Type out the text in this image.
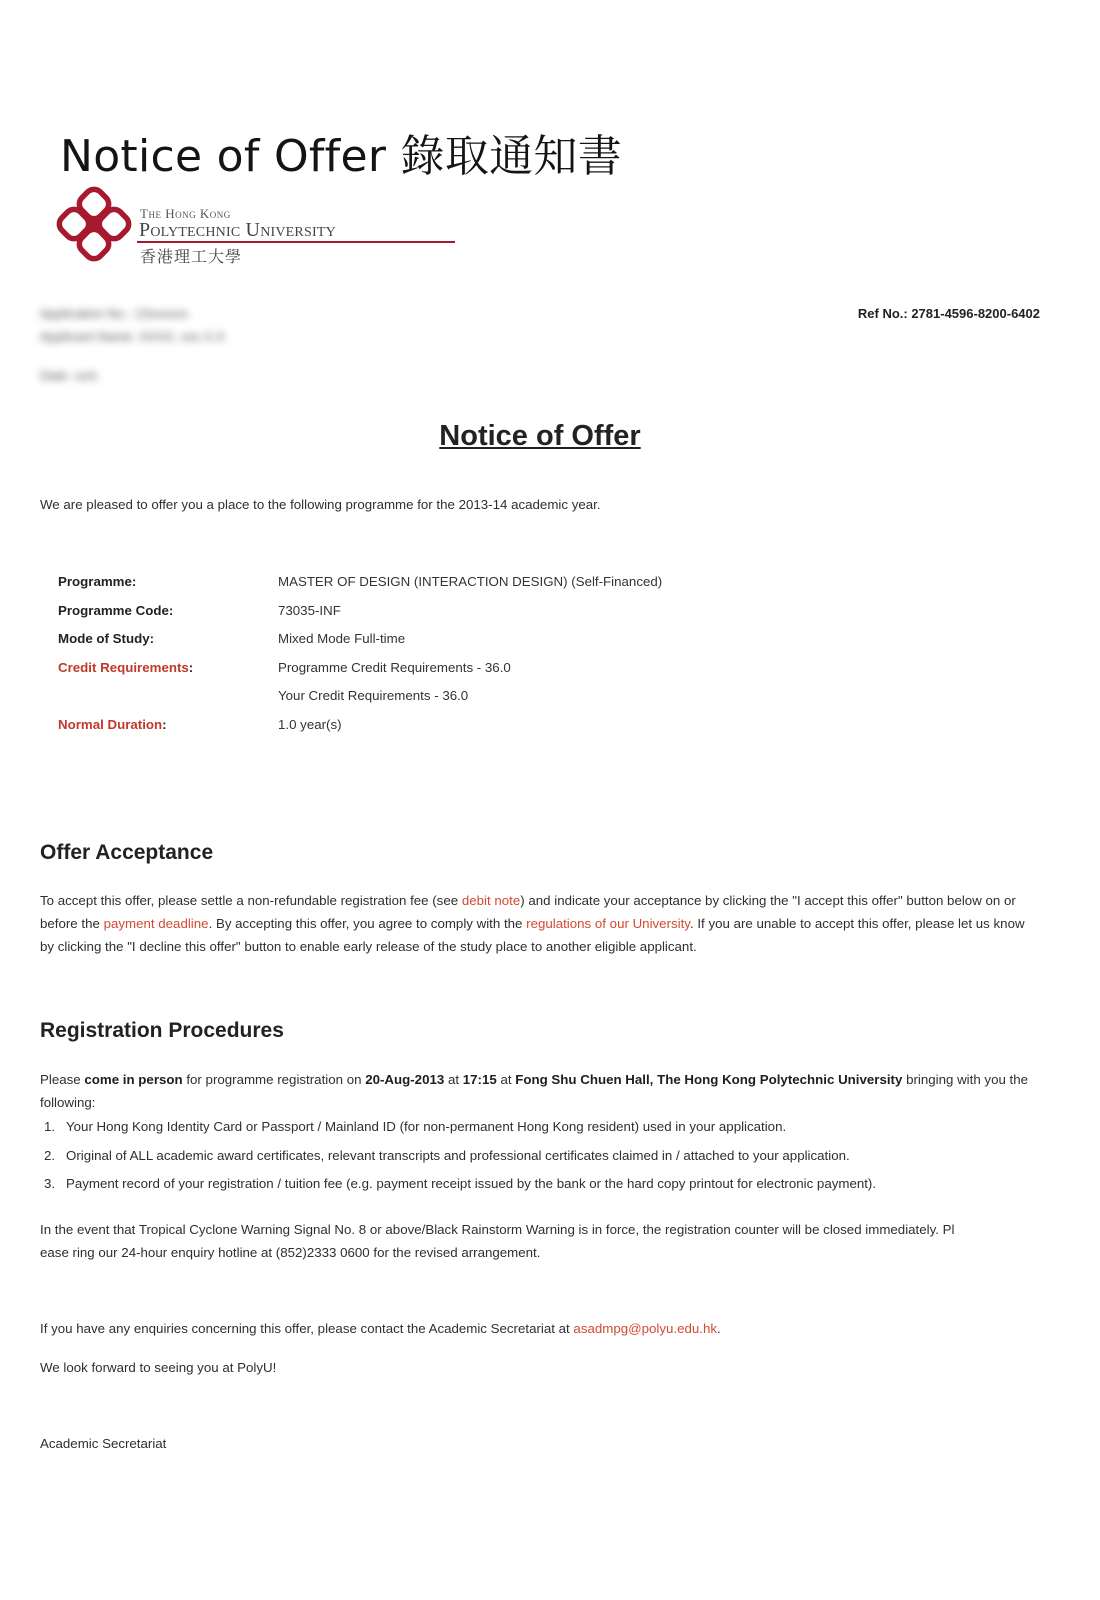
Notice of Offer 錄取通知書
The Hong Kong
Polytechnic University
香港理工大學
Application No.: 13xxxxxx
Applicant Name: XXXX, xxx X.X
Date: xx/x
Ref No.: 2781-4596-8200-6402
Notice of Offer
We are pleased to offer you a place to the following programme for the 2013-14 academic year.
Programme:	MASTER OF DESIGN (INTERACTION DESIGN) (Self-Financed)
Programme Code:	73035-INF
Mode of Study:	Mixed Mode Full-time
Credit Requirements:	Programme Credit Requirements - 36.0
Your Credit Requirements - 36.0
Normal Duration:	1.0 year(s)
Offer Acceptance
To accept this offer, please settle a non-refundable registration fee (see debit note) and indicate your acceptance by clicking the "I accept this offer" button below on or before the payment deadline. By accepting this offer, you agree to comply with the regulations of our University. If you are unable to accept this offer, please let us know by clicking the "I decline this offer" button to enable early release of the study place to another eligible applicant.
Registration Procedures
Please come in person for programme registration on 20-Aug-2013 at 17:15 at Fong Shu Chuen Hall, The Hong Kong Polytechnic University bringing with you the following:
1. Your Hong Kong Identity Card or Passport / Mainland ID (for non-permanent Hong Kong resident) used in your application.
2. Original of ALL academic award certificates, relevant transcripts and professional certificates claimed in / attached to your application.
3. Payment record of your registration / tuition fee (e.g. payment receipt issued by the bank or the hard copy printout for electronic payment).
In the event that Tropical Cyclone Warning Signal No. 8 or above/Black Rainstorm Warning is in force, the registration counter will be closed immediately. Pl
ease ring our 24-hour enquiry hotline at (852)2333 0600 for the revised arrangement.
If you have any enquiries concerning this offer, please contact the Academic Secretariat at asadmpg@polyu.edu.hk.
We look forward to seeing you at PolyU!
Academic Secretariat
